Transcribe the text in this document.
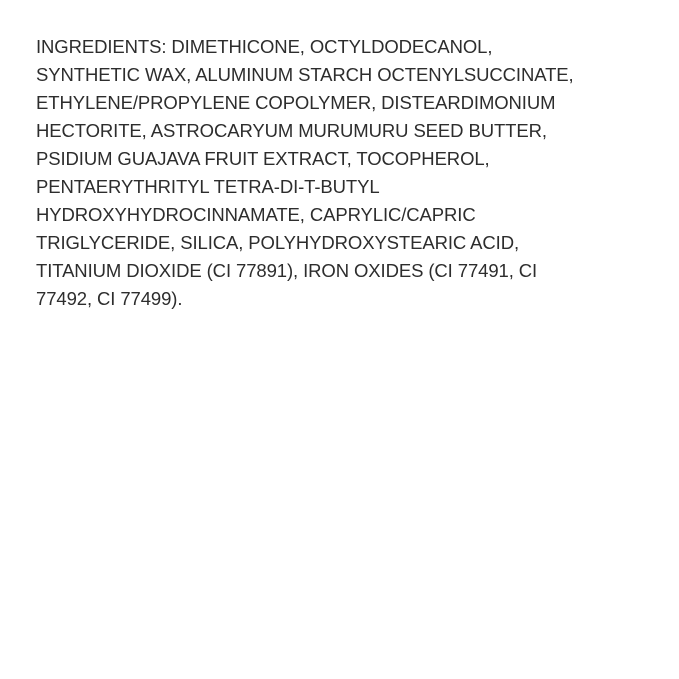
INGREDIENTS: DIMETHICONE, OCTYLDODECANOL,
SYNTHETIC WAX, ALUMINUM STARCH OCTENYLSUCCINATE,
ETHYLENE/PROPYLENE COPOLYMER, DISTEARDIMONIUM
HECTORITE, ASTROCARYUM MURUMURU SEED BUTTER,
PSIDIUM GUAJAVA FRUIT EXTRACT, TOCOPHEROL,
PENTAERYTHRITYL TETRA-DI-T-BUTYL
HYDROXYHYDROCINNAMATE, CAPRYLIC/CAPRIC
TRIGLYCERIDE, SILICA, POLYHYDROXYSTEARIC ACID,
TITANIUM DIOXIDE (CI 77891), IRON OXIDES (CI 77491, CI
77492, CI 77499).
